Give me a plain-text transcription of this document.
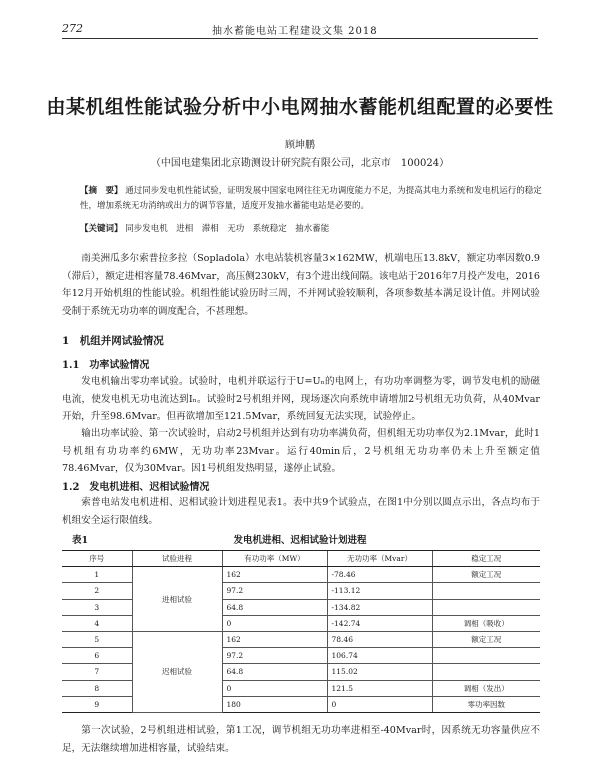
272	抽水蓄能电站工程建设文集 2018
由某机组性能试验分析中小电网抽水蓄能机组配置的必要性
顾坤鹏
（中国电建集团北京勘测设计研究院有限公司，北京市　100024）
【摘　要】 通过同步发电机性能试验，证明发展中国家电网往往无功调度能力不足，为提高其电力系统和发电机运行的稳定性，增加系统无功消纳或出力的调节容量，适度开发抽水蓄能电站是必要的。
【关键词】 同步发电机　进相　滞相　无功　系统稳定　抽水蓄能
南美洲瓜多尔索普拉多拉（Sopladola）水电站装机容量3×162MW，机端电压13.8kV，额定功率因数0.9（滞后），额定进相容量78.46Mvar，高压侧230kV，有3个进出线间隔。该电站于2016年7月投产发电，2016年12月开始机组的性能试验。机组性能试验历时三周，不并网试验较顺利，各项参数基本满足设计值。并网试验受制于系统无功功率的调度配合，不甚理想。
1　机组并网试验情况
1.1　功率试验情况
发电机输出零功率试验。试验时，电机并联运行于U=Uₙ的电网上，有功功率调整为零，调节发电机的励磁电流，使发电机无功电流达到Iₙ。试验时2号机组并网，现场逐次向系统申请增加2号机组无功负荷，从40Mvar开始，升至98.6Mvar。但再欲增加至121.5Mvar，系统回复无法实现，试验停止。
输出功率试验、第一次试验时，启动2号机组并达到有功功率满负荷，但机组无功功率仅为2.1Mvar，此时1号机组有功功率约6MW，无功功率23Mvar。运行40min后，2号机组无功功率仍未上升至额定值78.46Mvar，仅为30Mvar。因1号机组发热明显，遂停止试验。
1.2　发电机进相、迟相试验情况
索普电站发电机进相、迟相试验计划进程见表1。表中共9个试验点，在图1中分别以圆点示出，各点均布于机组安全运行限值线。
表1	发电机进相、迟相试验计划进程
序号	试验进程	有功功率（MW）	无功功率（Mvar）	稳定工况
1	进相试验	162	-78.46	额定工况
2		97.2	-113.12	
3		64.8	-134.82	
4		0	-142.74	调相（吸收）
5	迟相试验	162	78.46	额定工况
6		97.2	106.74	
7		64.8	115.02	
8		0	121.5	调相（发出）
9		180	0	零功率因数
第一次试验，2号机组进相试验，第1工况，调节机组无功功率进相至-40Mvar时，因系统无功容量供应不足，无法继续增加进相容量，试验结束。
